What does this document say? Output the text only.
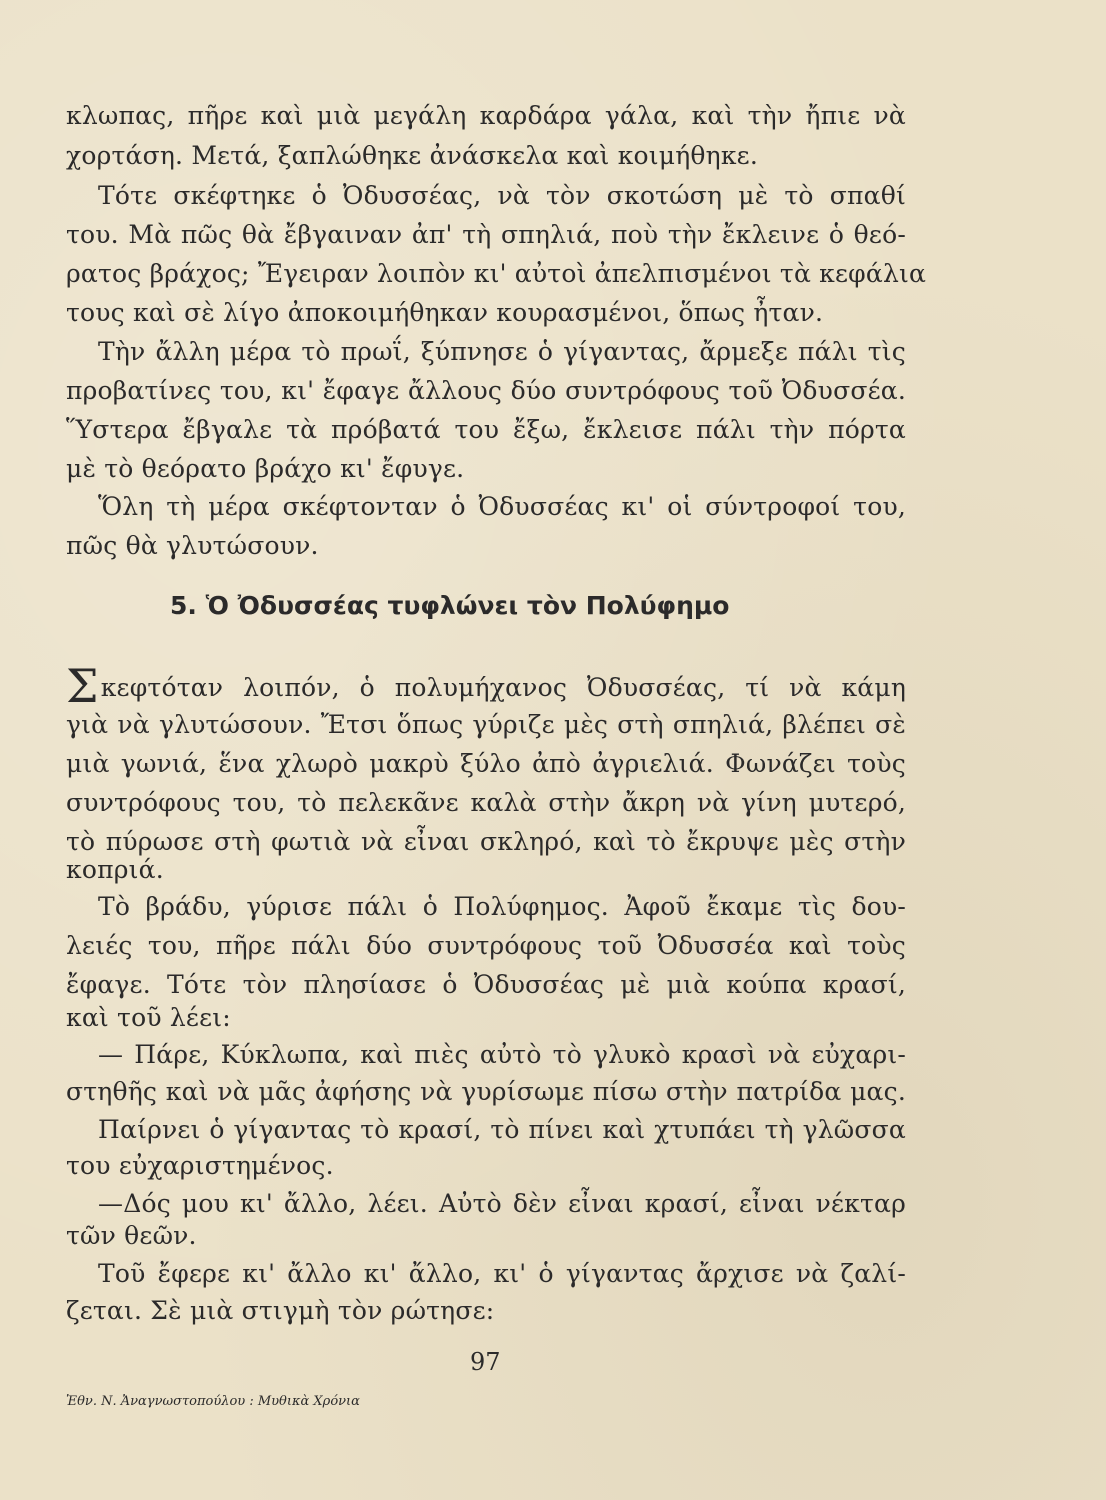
κλωπας, πῆρε καὶ μιὰ μεγάλη καρδάρα γάλα, καὶ τὴν ἤπιε νὰ
χορτάση. Μετά, ξαπλώθηκε ἀνάσκελα καὶ κοιμήθηκε.
Τότε σκέφτηκε ὁ Ὀδυσσέας, νὰ τὸν σκοτώση μὲ τὸ σπαθί
του. Μὰ πῶς θὰ ἔβγαιναν ἀπ' τὴ σπηλιά, ποὺ τὴν ἔκλεινε ὁ θεό-
ρατος βράχος; Ἔγειραν λοιπὸν κι' αὐτοὶ ἀπελπισμένοι τὰ κεφάλια
τους καὶ σὲ λίγο ἀποκοιμήθηκαν κουρασμένοι, ὅπως ἦταν.
Τὴν ἄλλη μέρα τὸ πρωΐ, ξύπνησε ὁ γίγαντας, ἄρμεξε πάλι τὶς
προβατίνες του, κι' ἔφαγε ἄλλους δύο συντρόφους τοῦ Ὀδυσσέα.
Ὕστερα ἔβγαλε τὰ πρόβατά του ἔξω, ἔκλεισε πάλι τὴν πόρτα
μὲ τὸ θεόρατο βράχο κι' ἔφυγε.
Ὅλη τὴ μέρα σκέφτονταν ὁ Ὀδυσσέας κι' οἱ σύντροφοί του,
πῶς θὰ γλυτώσουν.
5. Ὁ Ὀδυσσέας τυφλώνει τὸν Πολύφημο
Σκεφτόταν λοιπόν, ὁ πολυμήχανος Ὀδυσσέας, τί νὰ κάμη
γιὰ νὰ γλυτώσουν. Ἔτσι ὅπως γύριζε μὲς στὴ σπηλιά, βλέπει σὲ
μιὰ γωνιά, ἕνα χλωρὸ μακρὺ ξύλο ἀπὸ ἀγριελιά. Φωνάζει τοὺς
συντρόφους του, τὸ πελεκᾶνε καλὰ στὴν ἄκρη νὰ γίνη μυτερό,
τὸ πύρωσε στὴ φωτιὰ νὰ εἶναι σκληρό, καὶ τὸ ἔκρυψε μὲς στὴν
κοπριά.
Τὸ βράδυ, γύρισε πάλι ὁ Πολύφημος. Ἀφοῦ ἔκαμε τὶς δου-
λειές του, πῆρε πάλι δύο συντρόφους τοῦ Ὀδυσσέα καὶ τοὺς
ἔφαγε. Τότε τὸν πλησίασε ὁ Ὀδυσσέας μὲ μιὰ κούπα κρασί,
καὶ τοῦ λέει:
— Πάρε, Κύκλωπα, καὶ πιὲς αὐτὸ τὸ γλυκὸ κρασὶ νὰ εὐχαρι-
στηθῆς καὶ νὰ μᾶς ἀφήσης νὰ γυρίσωμε πίσω στὴν πατρίδα μας.
Παίρνει ὁ γίγαντας τὸ κρασί, τὸ πίνει καὶ χτυπάει τὴ γλῶσσα
του εὐχαριστημένος.
—Δός μου κι' ἄλλο, λέει. Αὐτὸ δὲν εἶναι κρασί, εἶναι νέκταρ
τῶν θεῶν.
Τοῦ ἔφερε κι' ἄλλο κι' ἄλλο, κι' ὁ γίγαντας ἄρχισε νὰ ζαλί-
ζεται. Σὲ μιὰ στιγμὴ τὸν ρώτησε:
97
Ἐθν. Ν. Ἀναγνωστοπούλου : Μυθικὰ Χρόνια
